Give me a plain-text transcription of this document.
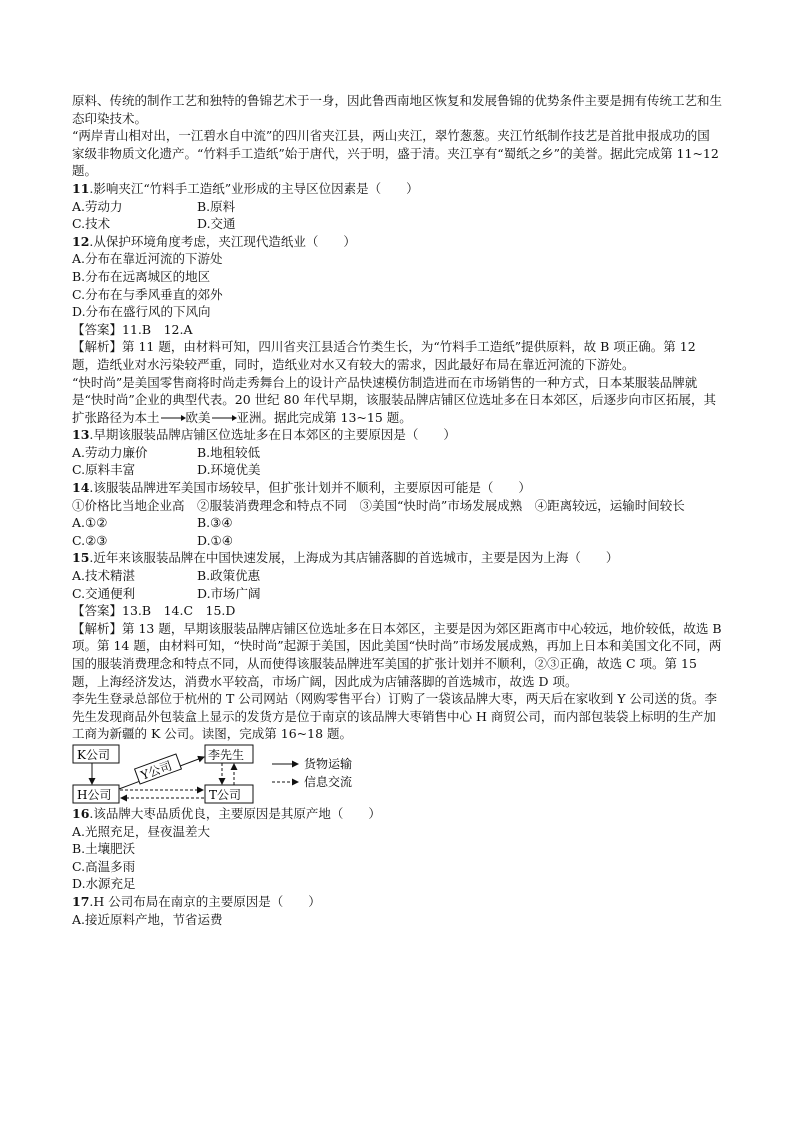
原料、传统的制作工艺和独特的鲁锦艺术于一身，因此鲁西南地区恢复和发展鲁锦的优势条件主要是拥有传统工艺和生态印染技术。

“两岸青山相对出，一江碧水自中流”的四川省夹江县，两山夹江，翠竹葱葱。夹江竹纸制作技艺是首批申报成功的国家级非物质文化遗产。“竹料手工造纸”始于唐代，兴于明，盛于清。夹江享有“蜀纸之乡”的美誉。据此完成第 11~12题。

11.影响夹江“竹料手工造纸”业形成的主导区位因素是（　　）

A.劳动力	B.原料
C.技术	D.交通

12.从保护环境角度考虑，夹江现代造纸业（　　）

A.分布在靠近河流的下游处

B.分布在远离城区的地区

C.分布在与季风垂直的郊外

D.分布在盛行风的下风向

【答案】11.B　12.A

【解析】第 11 题，由材料可知，四川省夹江县适合竹类生长，为“竹料手工造纸”提供原料，故 B 项正确。第 12 题，造纸业对水污染较严重，同时，造纸业对水又有较大的需求，因此最好布局在靠近河流的下游处。

“快时尚”是美国零售商将时尚走秀舞台上的设计产品快速模仿制造进而在市场销售的一种方式，日本某服装品牌就是“快时尚”企业的典型代表。20 世纪 80 年代早期，该服装品牌店铺区位选址多在日本郊区，后逐步向市区拓展，其扩张路径为本土 欧美 亚洲。据此完成第 13~15 题。

13.早期该服装品牌店铺区位选址多在日本郊区的主要原因是（　　）

A.劳动力廉价	B.地租较低
C.原料丰富	D.环境优美

14.该服装品牌进军美国市场较早，但扩张计划并不顺利，主要原因可能是（　　）

①价格比当地企业高　②服装消费理念和特点不同　③美国“快时尚”市场发展成熟　④距离较远，运输时间较长

A.①②	B.③④
C.②③	D.①④

15.近年来该服装品牌在中国快速发展，上海成为其店铺落脚的首选城市，主要是因为上海（　　）

A.技术精湛	B.政策优惠
C.交通便利	D.市场广阔

【答案】13.B　14.C　15.D

【解析】第 13 题，早期该服装品牌店铺区位选址多在日本郊区，主要是因为郊区距离市中心较远，地价较低，故选 B 项。第 14 题，由材料可知，“快时尚”起源于美国，因此美国“快时尚”市场发展成熟，再加上日本和美国文化不同，两国的服装消费理念和特点不同，从而使得该服装品牌进军美国的扩张计划并不顺利，②③正确，故选 C 项。第 15 题，上海经济发达，消费水平较高，市场广阔，因此成为店铺落脚的首选城市，故选 D 项。

李先生登录总部位于杭州的 T 公司网站（网购零售平台）订购了一袋该品牌大枣，两天后在家收到 Y 公司送的货。李先生发现商品外包装盒上显示的发货方是位于南京的该品牌大枣销售中心 H 商贸公司，而内部包装袋上标明的生产加工商为新疆的 K 公司。读图，完成第 16~18 题。

K公司
H公司
李先生
T公司
Y公司	货物运输
信息交流

16.该品牌大枣品质优良，主要原因是其原产地（　　）

A.光照充足，昼夜温差大

B.土壤肥沃

C.高温多雨

D.水源充足

17.H 公司布局在南京的主要原因是（　　）

A.接近原料产地，节省运费
